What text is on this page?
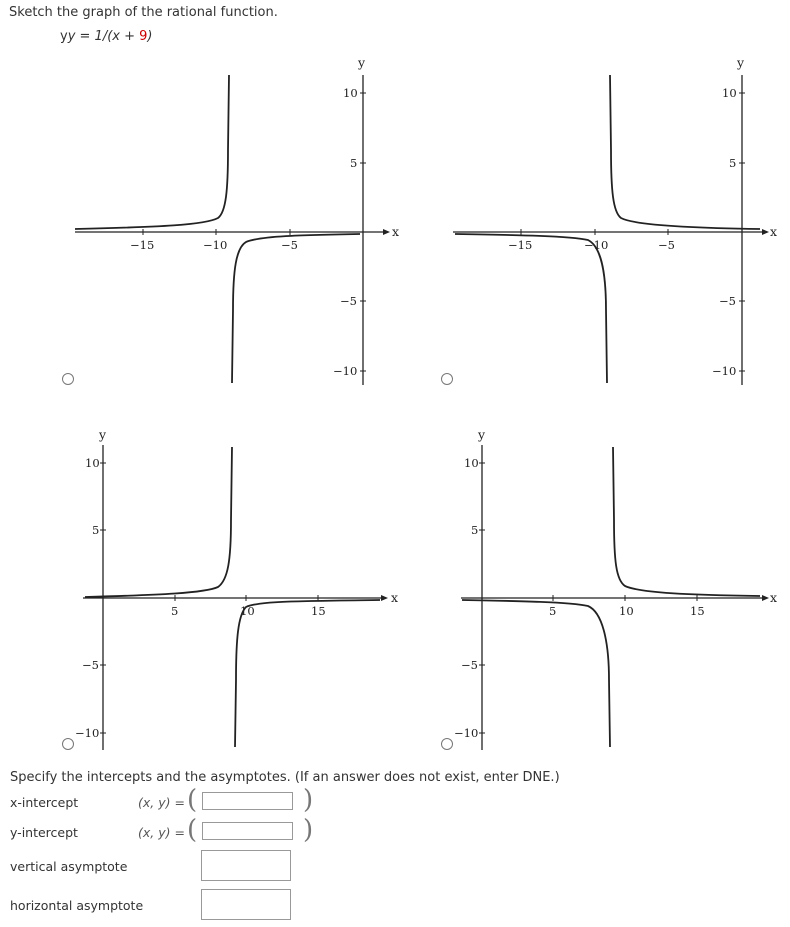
Sketch the graph of the rational function.
yy = 1/(x + 9)
y
x
−15	−10	−5
10
5
−5
−10
y
x
−15	−10	−5
10
5
−5
−10
y
x
5	10	15
10
5
−5
−10
y
x
5	10	15
10
5
−5
−10
Specify the intercepts and the asymptotes. (If an answer does not exist, enter DNE.)
x-intercept	(x, y) = (	)
y-intercept	(x, y) = (	)
vertical asymptote
horizontal asymptote
